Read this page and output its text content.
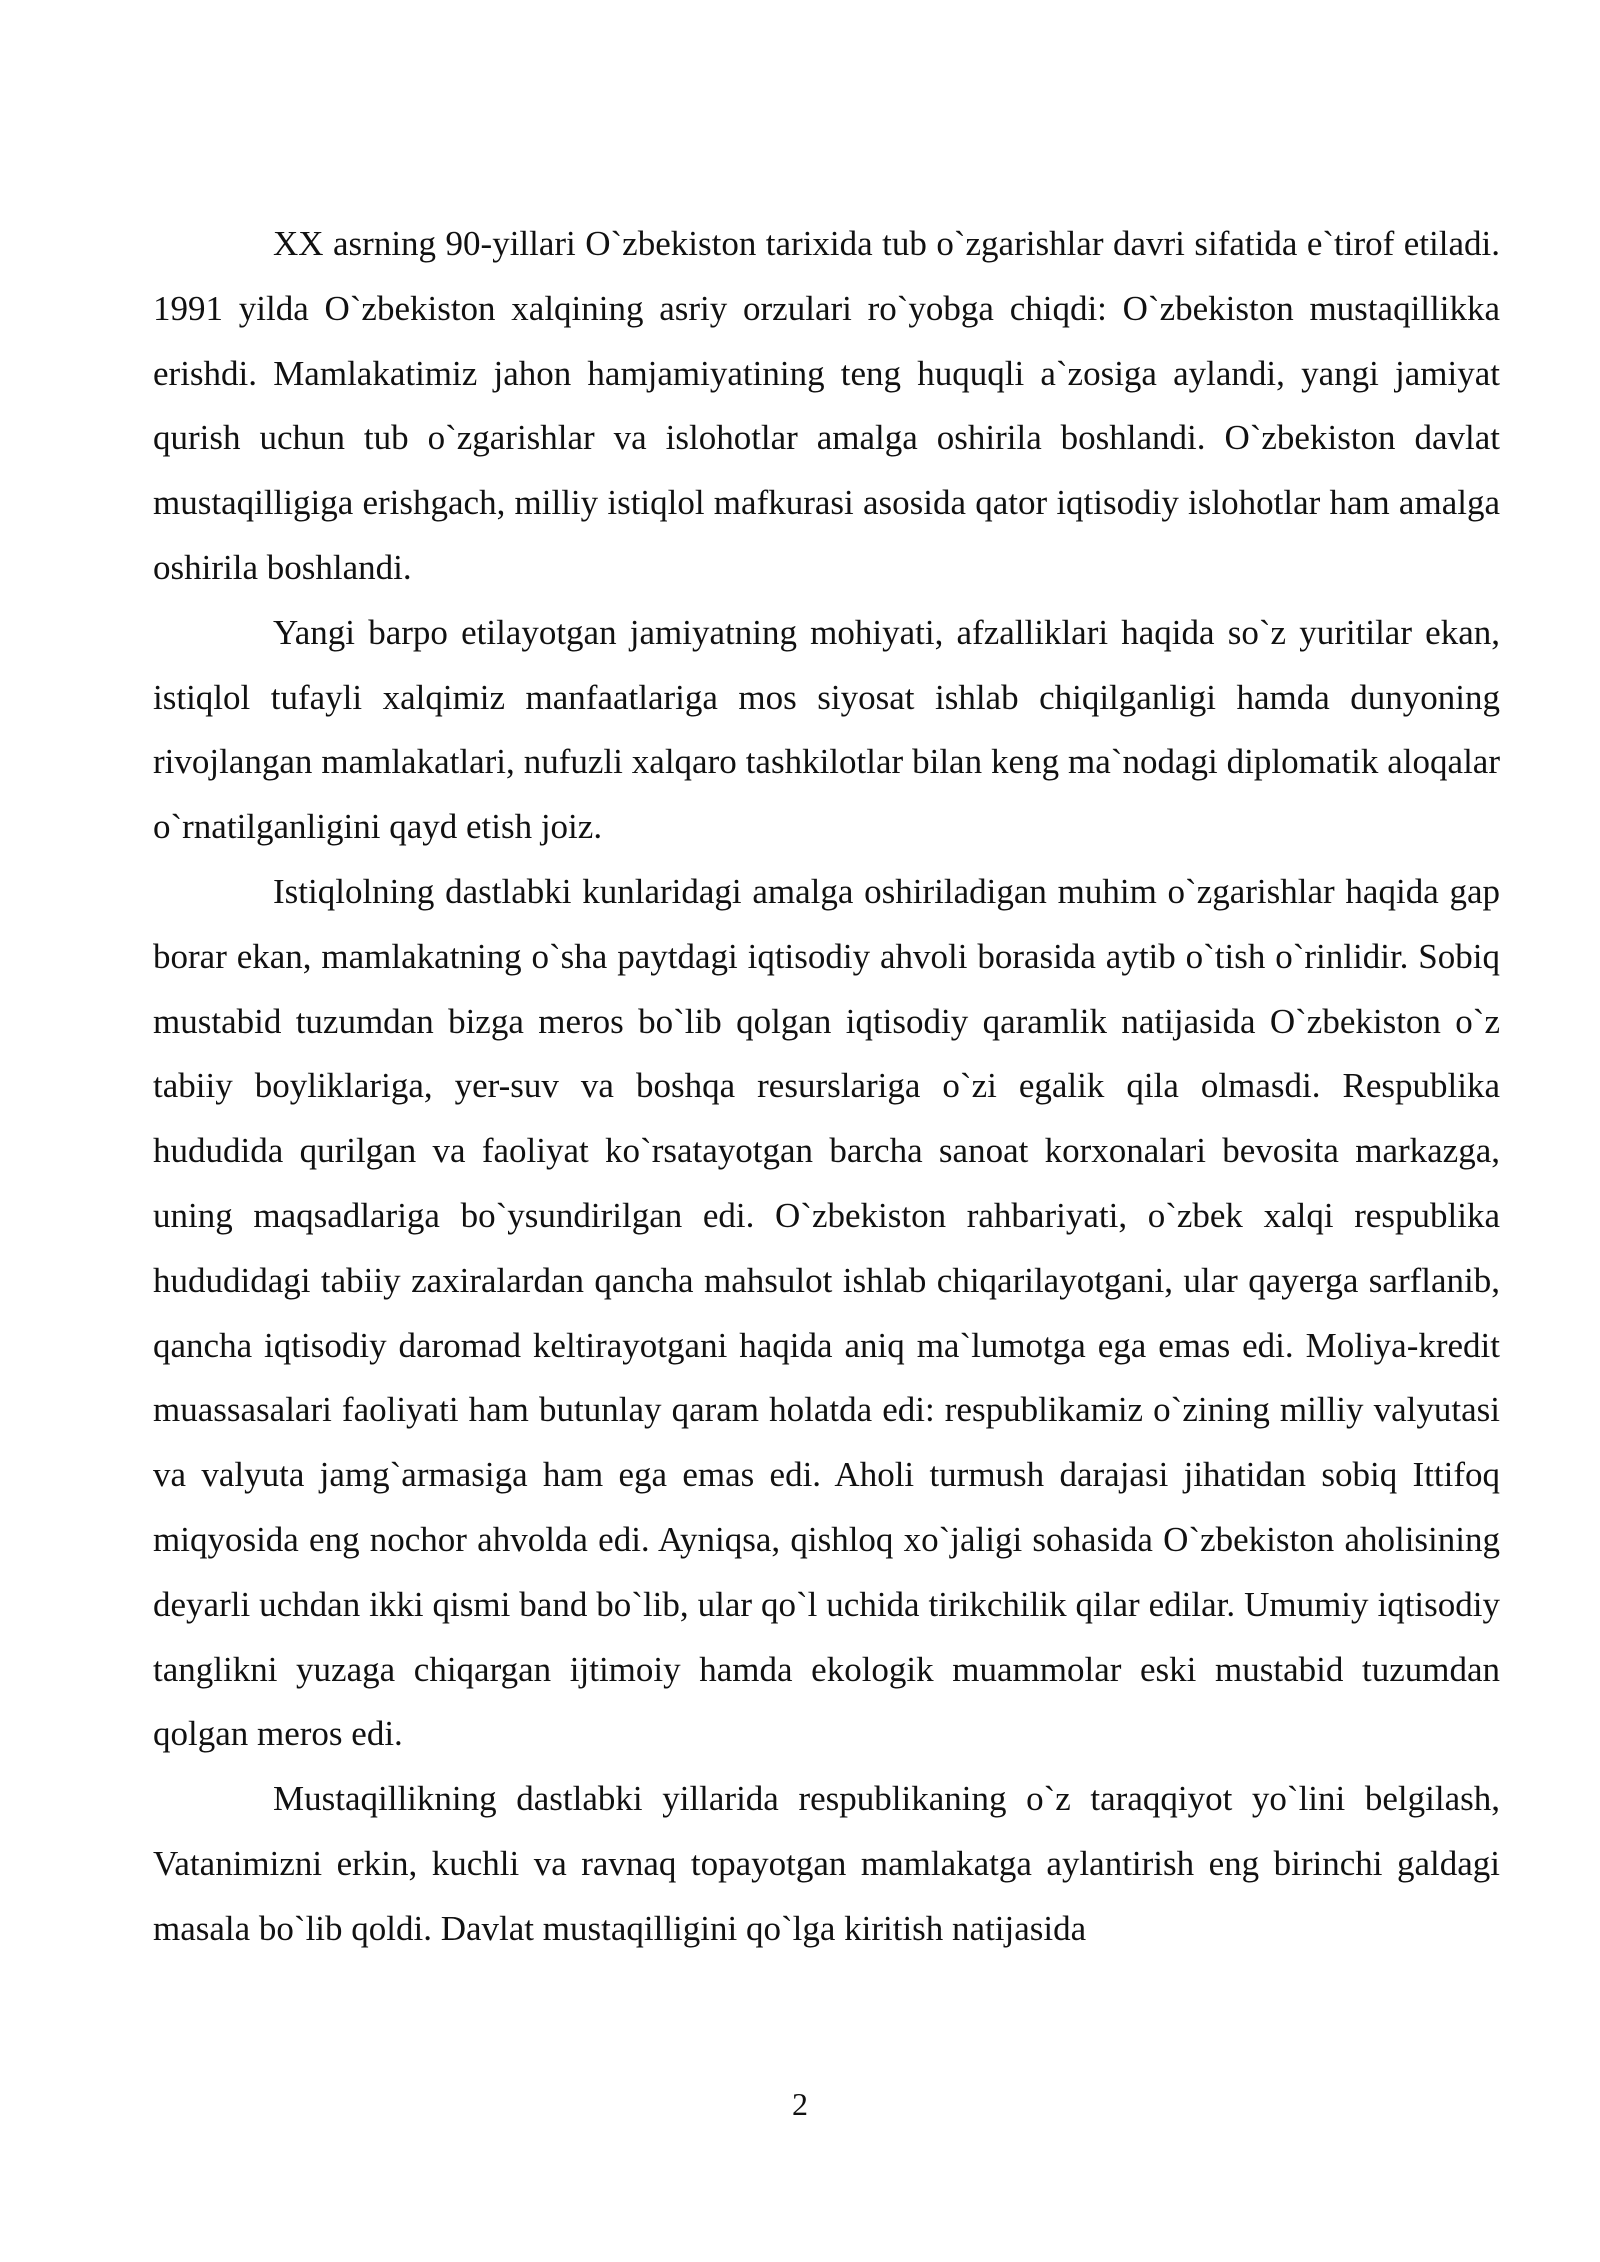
XX asrning 90-yillari O`zbekiston tarixida tub o`zgarishlar davri sifatida e`tirof etiladi. 1991 yilda O`zbekiston xalqining asriy orzulari ro`yobga chiqdi: O`zbekiston mustaqillikka erishdi. Mamlakatimiz jahon hamjamiyatining teng huquqli a`zosiga aylandi, yangi jamiyat qurish uchun tub o`zgarishlar va islohotlar amalga oshirila boshlandi. O`zbekiston davlat mustaqilligiga erishgach, milliy istiqlol mafkurasi asosida qator iqtisodiy islohotlar ham amalga oshirila boshlandi.

Yangi barpo etilayotgan jamiyatning mohiyati, afzalliklari haqida so`z yuritilar ekan, istiqlol tufayli xalqimiz manfaatlariga mos siyosat ishlab chiqilganligi hamda dunyoning rivojlangan mamlakatlari, nufuzli xalqaro tashkilotlar bilan keng ma`nodagi diplomatik aloqalar o`rnatilganligini qayd etish joiz.

Istiqlolning dastlabki kunlaridagi amalga oshiriladigan muhim o`zgarishlar haqida gap borar ekan, mamlakatning o`sha paytdagi iqtisodiy ahvoli borasida aytib o`tish o`rinlidir. Sobiq mustabid tuzumdan bizga meros bo`lib qolgan iqtisodiy qaramlik natijasida O`zbekiston o`z tabiiy boyliklariga, yer-suv va boshqa resurslariga o`zi egalik qila olmasdi. Respublika hududida qurilgan va faoliyat ko`rsatayotgan barcha sanoat korxonalari bevosita markazga, uning maqsadlariga bo`ysundirilgan edi. O`zbekiston rahbariyati, o`zbek xalqi respublika hududidagi tabiiy zaxiralardan qancha mahsulot ishlab chiqarilayotgani, ular qayerga sarflanib, qancha iqtisodiy daromad keltirayotgani haqida aniq ma`lumotga ega emas edi. Moliya-kredit muassasalari faoliyati ham butunlay qaram holatda edi: respublikamiz o`zining milliy valyutasi va valyuta jamg`armasiga ham ega emas edi. Aholi turmush darajasi jihatidan sobiq Ittifoq miqyosida eng nochor ahvolda edi. Ayniqsa, qishloq xo`jaligi sohasida O`zbekiston aholisining deyarli uchdan ikki qismi band bo`lib, ular qo`l uchida tirikchilik qilar edilar. Umumiy iqtisodiy tanglikni yuzaga chiqargan ijtimoiy hamda ekologik muammolar eski mustabid tuzumdan qolgan meros edi.

Mustaqillikning dastlabki yillarida respublikaning o`z taraqqiyot yo`lini belgilash, Vatanimizni erkin, kuchli va ravnaq topayotgan mamlakatga aylantirish eng birinchi galdagi masala bo`lib qoldi. Davlat mustaqilligini qo`lga kiritish natijasida

2
